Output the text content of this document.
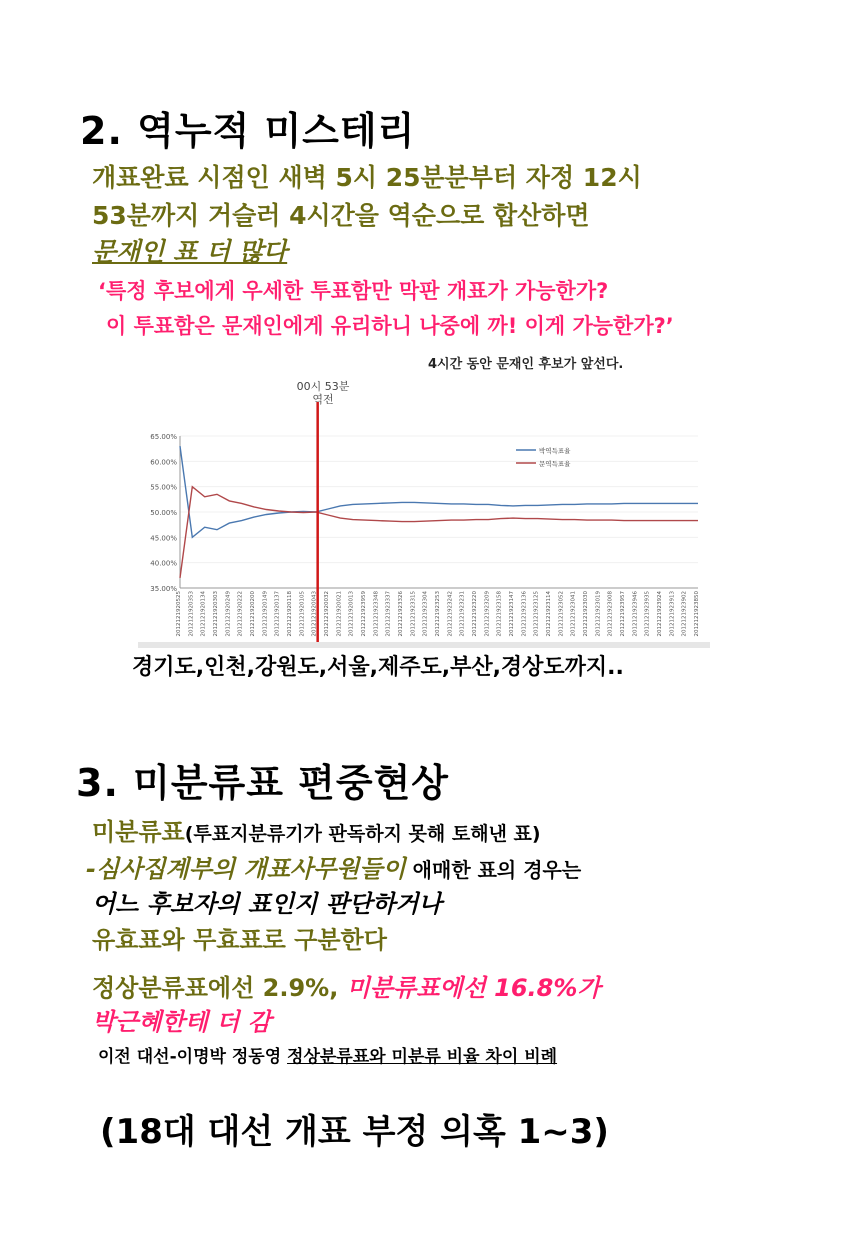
2. 역누적 미스테리
개표완료 시점인 새벽 5시 25분분부터 자정 12시
53분까지 거슬러 4시간을 역순으로 합산하면
문재인 표 더 많다
‘특정 후보에게 우세한 투표함만 막판 개표가 가능한가?
이 투표함은 문재인에게 유리하니 나중에 까! 이게 가능한가?’
4시간 동안 문재인 후보가 앞선다.
00시 53분
역전
65.00%
60.00%
55.00%
50.00%
45.00%
40.00%
35.00%
2012121920525 2012121920353 2012121920134 2012121920303 2012121920249 2012121920222 2012121920200 2012121920149 2012121920137 2012121920118 2012121920105 2012121920043 2012121920032 2012121920021 2012121920013 2012121923959 2012121923348 2012121923337 2012121923326 2012121923315 2012121923304 2012121923253 2012121923242 2012121923231 2012121923220 2012121923209 2012121923158 2012121923147 2012121923136 2012121923125 2012121923114 2012121923052 2012121923041 2012121923030 2012121923019 2012121923008 2012121923957 2012121923946 2012121923935 2012121923924 2012121923913 2012121923902 2012121923850
박역득표율
문역득표율
경기도,인천,강원도,서울,제주도,부산,경상도까지..
3. 미분류표 편중현상
미분류표(투표지분류기가 판독하지 못해 토해낸 표)
-심사집계부의 개표사무원들이 애매한 표의 경우는
어느 후보자의 표인지 판단하거나
유효표와 무효표로 구분한다
정상분류표에선 2.9%, 미분류표에선 16.8%가
박근혜한테 더 감
이전 대선-이명박 정동영 정상분류표와 미분류 비율 차이 비례
(18대 대선 개표 부정 의혹 1~3)
